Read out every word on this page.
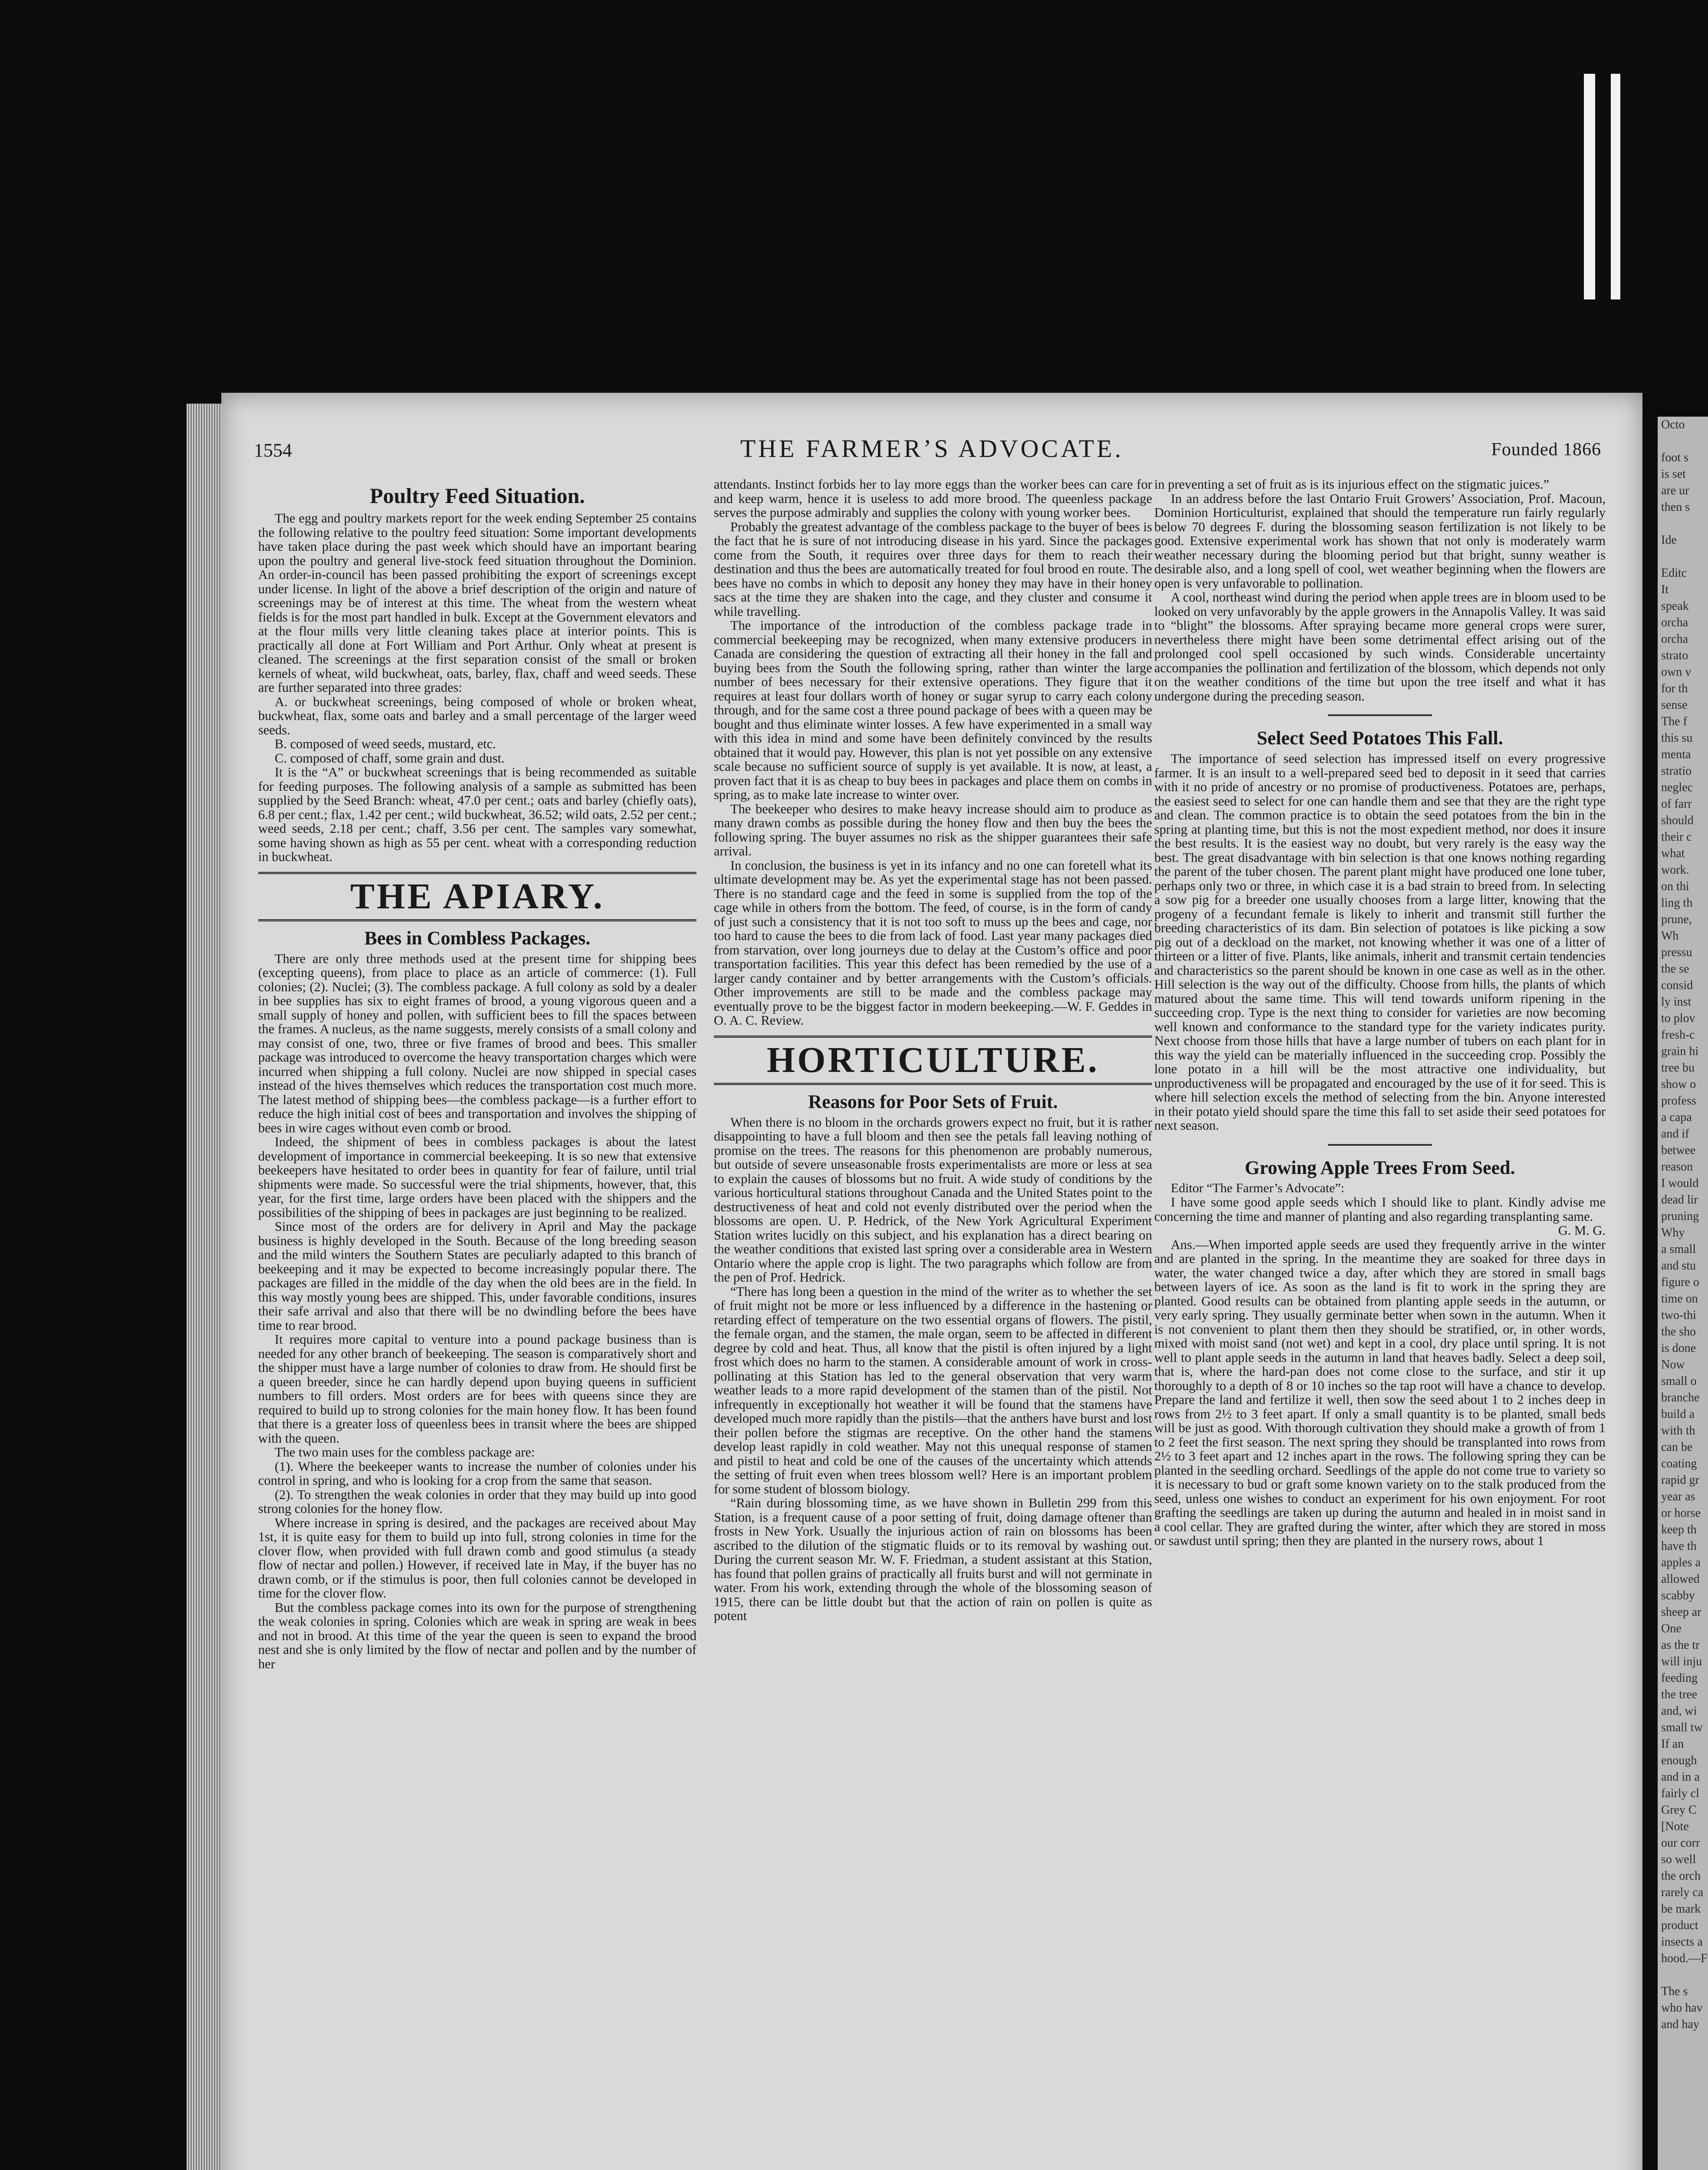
1554	THE FARMER’S ADVOCATE.	Founded 1866
Poultry Feed Situation.

The egg and poultry markets report for the week ending September 25 contains the following relative to the poultry feed situation: Some important developments have taken place during the past week which should have an important bearing upon the poultry and general live-stock feed situation throughout the Dominion. An order-in-council has been passed prohibiting the export of screenings except under license. In light of the above a brief description of the origin and nature of screenings may be of interest at this time. The wheat from the western wheat fields is for the most part handled in bulk. Except at the Government elevators and at the flour mills very little cleaning takes place at interior points. This is practically all done at Fort William and Port Arthur. Only wheat at present is cleaned. The screenings at the first separation consist of the small or broken kernels of wheat, wild buckwheat, oats, barley, flax, chaff and weed seeds. These are further separated into three grades:

A. or buckwheat screenings, being composed of whole or broken wheat, buckwheat, flax, some oats and barley and a small percentage of the larger weed seeds.

B. composed of weed seeds, mustard, etc.

C. composed of chaff, some grain and dust.

It is the “A” or buckwheat screenings that is being recommended as suitable for feeding purposes. The following analysis of a sample as submitted has been supplied by the Seed Branch: wheat, 47.0 per cent.; oats and barley (chiefly oats), 6.8 per cent.; flax, 1.42 per cent.; wild buckwheat, 36.52; wild oats, 2.52 per cent.; weed seeds, 2.18 per cent.; chaff, 3.56 per cent. The samples vary somewhat, some having shown as high as 55 per cent. wheat with a corresponding reduction in buckwheat.

THE APIARY.
Bees in Combless Packages.

There are only three methods used at the present time for shipping bees (excepting queens), from place to place as an article of commerce: (1). Full colonies; (2). Nuclei; (3). The combless package. A full colony as sold by a dealer in bee supplies has six to eight frames of brood, a young vigorous queen and a small supply of honey and pollen, with sufficient bees to fill the spaces between the frames. A nucleus, as the name suggests, merely consists of a small colony and may consist of one, two, three or five frames of brood and bees. This smaller package was introduced to overcome the heavy transportation charges which were incurred when shipping a full colony. Nuclei are now shipped in special cases instead of the hives themselves which reduces the transportation cost much more. The latest method of shipping bees—the combless package—is a further effort to reduce the high initial cost of bees and transportation and involves the shipping of bees in wire cages without even comb or brood.

Indeed, the shipment of bees in combless packages is about the latest development of importance in commercial beekeeping. It is so new that extensive beekeepers have hesitated to order bees in quantity for fear of failure, until trial shipments were made. So successful were the trial shipments, however, that, this year, for the first time, large orders have been placed with the shippers and the possibilities of the shipping of bees in packages are just beginning to be realized.

Since most of the orders are for delivery in April and May the package business is highly developed in the South. Because of the long breeding season and the mild winters the Southern States are peculiarly adapted to this branch of beekeeping and it may be expected to become increasingly popular there. The packages are filled in the middle of the day when the old bees are in the field. In this way mostly young bees are shipped. This, under favorable conditions, insures their safe arrival and also that there will be no dwindling before the bees have time to rear brood.

It requires more capital to venture into a pound package business than is needed for any other branch of beekeeping. The season is comparatively short and the shipper must have a large number of colonies to draw from. He should first be a queen breeder, since he can hardly depend upon buying queens in sufficient numbers to fill orders. Most orders are for bees with queens since they are required to build up to strong colonies for the main honey flow. It has been found that there is a greater loss of queenless bees in transit where the bees are shipped with the queen.

The two main uses for the combless package are:

(1). Where the beekeeper wants to increase the number of colonies under his control in spring, and who is looking for a crop from the same that season.

(2). To strengthen the weak colonies in order that they may build up into good strong colonies for the honey flow.

Where increase in spring is desired, and the packages are received about May 1st, it is quite easy for them to build up into full, strong colonies in time for the clover flow, when provided with full drawn comb and good stimulus (a steady flow of nectar and pollen.) However, if received late in May, if the buyer has no drawn comb, or if the stimulus is poor, then full colonies cannot be developed in time for the clover flow.

But the combless package comes into its own for the purpose of strengthening the weak colonies in spring. Colonies which are weak in spring are weak in bees and not in brood. At this time of the year the queen is seen to expand the brood nest and she is only limited by the flow of nectar and pollen and by the number of her

attendants. Instinct forbids her to lay more eggs than the worker bees can care for and keep warm, hence it is useless to add more brood. The queenless package serves the purpose admirably and supplies the colony with young worker bees.

Probably the greatest advantage of the combless package to the buyer of bees is the fact that he is sure of not introducing disease in his yard. Since the packages come from the South, it requires over three days for them to reach their destination and thus the bees are automatically treated for foul brood en route. The bees have no combs in which to deposit any honey they may have in their honey sacs at the time they are shaken into the cage, and they cluster and consume it while travelling.

The importance of the introduction of the combless package trade in commercial beekeeping may be recognized, when many extensive producers in Canada are considering the question of extracting all their honey in the fall and buying bees from the South the following spring, rather than winter the large number of bees necessary for their extensive operations. They figure that it requires at least four dollars worth of honey or sugar syrup to carry each colony through, and for the same cost a three pound package of bees with a queen may be bought and thus eliminate winter losses. A few have experimented in a small way with this idea in mind and some have been definitely convinced by the results obtained that it would pay. However, this plan is not yet possible on any extensive scale because no sufficient source of supply is yet available. It is now, at least, a proven fact that it is as cheap to buy bees in packages and place them on combs in spring, as to make late increase to winter over.

The beekeeper who desires to make heavy increase should aim to produce as many drawn combs as possible during the honey flow and then buy the bees the following spring. The buyer assumes no risk as the shipper guarantees their safe arrival.

In conclusion, the business is yet in its infancy and no one can foretell what its ultimate development may be. As yet the experimental stage has not been passed. There is no standard cage and the feed in some is supplied from the top of the cage while in others from the bottom. The feed, of course, is in the form of candy of just such a consistency that it is not too soft to muss up the bees and cage, nor too hard to cause the bees to die from lack of food. Last year many packages died from starvation, over long journeys due to delay at the Custom’s office and poor transportation facilities. This year this defect has been remedied by the use of a larger candy container and by better arrangements with the Custom’s officials. Other improvements are still to be made and the combless package may eventually prove to be the biggest factor in modern beekeeping.—W. F. Geddes in O. A. C. Review.

HORTICULTURE.
Reasons for Poor Sets of Fruit.

When there is no bloom in the orchards growers expect no fruit, but it is rather disappointing to have a full bloom and then see the petals fall leaving nothing of promise on the trees. The reasons for this phenomenon are probably numerous, but outside of severe unseasonable frosts experimentalists are more or less at sea to explain the causes of blossoms but no fruit. A wide study of conditions by the various horticultural stations throughout Canada and the United States point to the destructiveness of heat and cold not evenly distributed over the period when the blossoms are open. U. P. Hedrick, of the New York Agricultural Experiment Station writes lucidly on this subject, and his explanation has a direct bearing on the weather conditions that existed last spring over a considerable area in Western Ontario where the apple crop is light. The two paragraphs which follow are from the pen of Prof. Hedrick.

“There has long been a question in the mind of the writer as to whether the set of fruit might not be more or less influenced by a difference in the hastening or retarding effect of temperature on the two essential organs of flowers. The pistil, the female organ, and the stamen, the male organ, seem to be affected in different degree by cold and heat. Thus, all know that the pistil is often injured by a light frost which does no harm to the stamen. A considerable amount of work in cross-pollinating at this Station has led to the general observation that very warm weather leads to a more rapid development of the stamen than of the pistil. Not infrequently in exceptionally hot weather it will be found that the stamens have developed much more rapidly than the pistils—that the anthers have burst and lost their pollen before the stigmas are receptive. On the other hand the stamens develop least rapidly in cold weather. May not this unequal response of stamen and pistil to heat and cold be one of the causes of the uncertainty which attends the setting of fruit even when trees blossom well? Here is an important problem for some student of blossom biology.

“Rain during blossoming time, as we have shown in Bulletin 299 from this Station, is a frequent cause of a poor setting of fruit, doing damage oftener than frosts in New York. Usually the injurious action of rain on blossoms has been ascribed to the dilution of the stigmatic fluids or to its removal by washing out. During the current season Mr. W. F. Friedman, a student assistant at this Station, has found that pollen grains of practically all fruits burst and will not germinate in water. From his work, extending through the whole of the blossoming season of 1915, there can be little doubt but that the action of rain on pollen is quite as potent

in preventing a set of fruit as is its injurious effect on the stigmatic juices.”

In an address before the last Ontario Fruit Growers’ Association, Prof. Macoun, Dominion Horticulturist, explained that should the temperature run fairly regularly below 70 degrees F. during the blossoming season fertilization is not likely to be good. Extensive experimental work has shown that not only is moderately warm weather necessary during the blooming period but that bright, sunny weather is desirable also, and a long spell of cool, wet weather beginning when the flowers are open is very unfavorable to pollination.

A cool, northeast wind during the period when apple trees are in bloom used to be looked on very unfavorably by the apple growers in the Annapolis Valley. It was said to “blight” the blossoms. After spraying became more general crops were surer, nevertheless there might have been some detrimental effect arising out of the prolonged cool spell occasioned by such winds. Considerable uncertainty accompanies the pollination and fertilization of the blossom, which depends not only on the weather conditions of the time but upon the tree itself and what it has undergone during the preceding season.

Select Seed Potatoes This Fall.

The importance of seed selection has impressed itself on every progressive farmer. It is an insult to a well-prepared seed bed to deposit in it seed that carries with it no pride of ancestry or no promise of productiveness. Potatoes are, perhaps, the easiest seed to select for one can handle them and see that they are the right type and clean. The common practice is to obtain the seed potatoes from the bin in the spring at planting time, but this is not the most expedient method, nor does it insure the best results. It is the easiest way no doubt, but very rarely is the easy way the best. The great disadvantage with bin selection is that one knows nothing regarding the parent of the tuber chosen. The parent plant might have produced one lone tuber, perhaps only two or three, in which case it is a bad strain to breed from. In selecting a sow pig for a breeder one usually chooses from a large litter, knowing that the progeny of a fecundant female is likely to inherit and transmit still further the breeding characteristics of its dam. Bin selection of potatoes is like picking a sow pig out of a deckload on the market, not knowing whether it was one of a litter of thirteen or a litter of five. Plants, like animals, inherit and transmit certain tendencies and characteristics so the parent should be known in one case as well as in the other. Hill selection is the way out of the difficulty. Choose from hills, the plants of which matured about the same time. This will tend towards uniform ripening in the succeeding crop. Type is the next thing to consider for varieties are now becoming well known and conformance to the standard type for the variety indicates purity. Next choose from those hills that have a large number of tubers on each plant for in this way the yield can be materially influenced in the succeeding crop. Possibly the lone potato in a hill will be the most attractive one individuality, but unproductiveness will be propagated and encouraged by the use of it for seed. This is where hill selection excels the method of selecting from the bin. Anyone interested in their potato yield should spare the time this fall to set aside their seed potatoes for next season.

Growing Apple Trees From Seed.

Editor “The Farmer’s Advocate”:

I have some good apple seeds which I should like to plant. Kindly advise me concerning the time and manner of planting and also regarding transplanting same.

G. M. G.

Ans.—When imported apple seeds are used they frequently arrive in the winter and are planted in the spring. In the meantime they are soaked for three days in water, the water changed twice a day, after which they are stored in small bags between layers of ice. As soon as the land is fit to work in the spring they are planted. Good results can be obtained from planting apple seeds in the autumn, or very early spring. They usually germinate better when sown in the autumn. When it is not convenient to plant them then they should be stratified, or, in other words, mixed with moist sand (not wet) and kept in a cool, dry place until spring. It is not well to plant apple seeds in the autumn in land that heaves badly. Select a deep soil, that is, where the hard-pan does not come close to the surface, and stir it up thoroughly to a depth of 8 or 10 inches so the tap root will have a chance to develop. Prepare the land and fertilize it well, then sow the seed about 1 to 2 inches deep in rows from 2½ to 3 feet apart. If only a small quantity is to be planted, small beds will be just as good. With thorough cultivation they should make a growth of from 1 to 2 feet the first season. The next spring they should be transplanted into rows from 2½ to 3 feet apart and 12 inches apart in the rows. The following spring they can be planted in the seedling orchard. Seedlings of the apple do not come true to variety so it is necessary to bud or graft some known variety on to the stalk produced from the seed, unless one wishes to conduct an experiment for his own enjoyment. For root grafting the seedlings are taken up during the autumn and healed in in moist sand in a cool cellar. They are grafted during the winter, after which they are stored in moss or sawdust until spring; then they are planted in the nursery rows, about 1

Octo

foot s
is set
are ur
then s

Ide

Editc
It
speak
orcha
orcha
strato
own v
for th
sense
The f
this su
menta
stratio
neglec
of farr
should
their c
what
work.
on thi
ling th
prune,
Wh
pressu
the se
consid
ly inst
to plov
fresh-c
grain hi
tree bu
show o
profess
a capa
and if
betwee
reason
I would
dead lir
pruning
Why
a small
and stu
figure o
time on
two-thi
the sho
is done
Now
small o
branche
build a
with th
can be
coating
rapid gr
year as
or horse
keep th
have th
apples a
allowed
scabby
sheep ar
One
as the tr
will inju
feeding
the tree
and, wi
small tw
If an
enough
and in a
fairly cl
Grey C
[Note
our corr
so well
the orch
rarely ca
be mark
product
insects a
hood.—F

The s
who hav
and hay
